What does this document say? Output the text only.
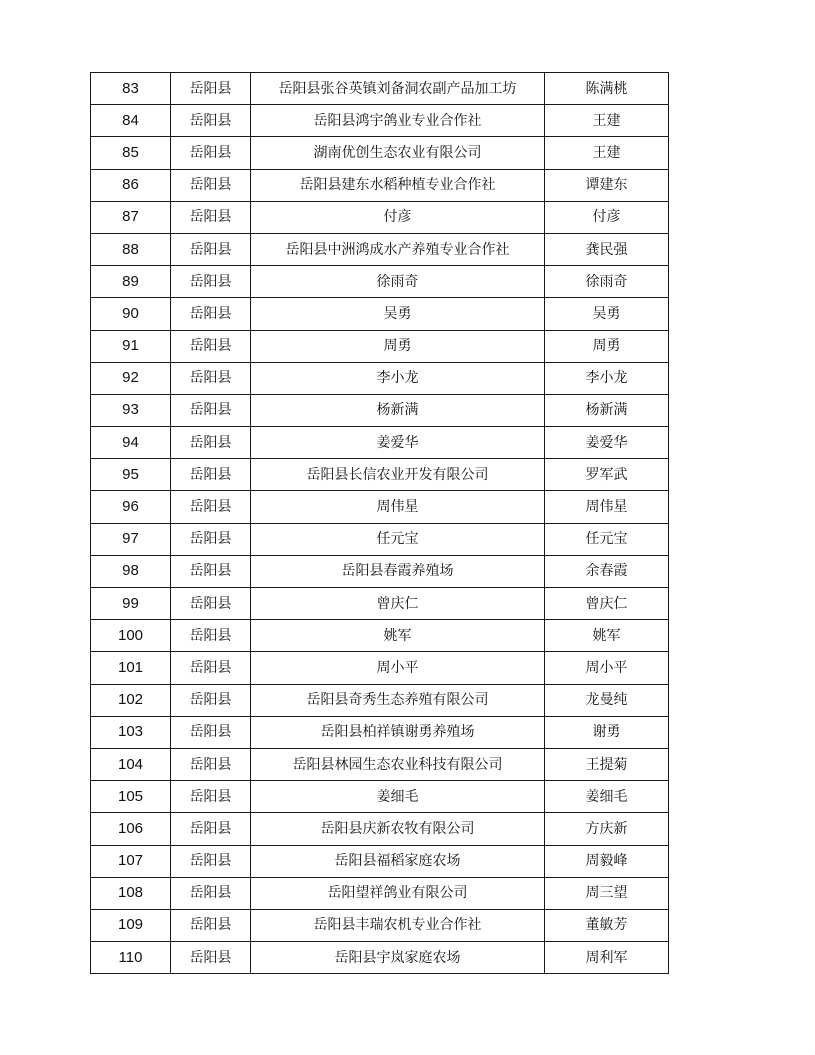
83	岳阳县	岳阳县张谷英镇刘备洞农副产品加工坊	陈满桃
84	岳阳县	岳阳县鸿宇鸽业专业合作社	王建
85	岳阳县	湖南优创生态农业有限公司	王建
86	岳阳县	岳阳县建东水稻种植专业合作社	谭建东
87	岳阳县	付彦	付彦
88	岳阳县	岳阳县中洲鸿成水产养殖专业合作社	龚民强
89	岳阳县	徐雨奇	徐雨奇
90	岳阳县	吴勇	吴勇
91	岳阳县	周勇	周勇
92	岳阳县	李小龙	李小龙
93	岳阳县	杨新满	杨新满
94	岳阳县	姜爱华	姜爱华
95	岳阳县	岳阳县长信农业开发有限公司	罗军武
96	岳阳县	周伟星	周伟星
97	岳阳县	任元宝	任元宝
98	岳阳县	岳阳县春霞养殖场	余春霞
99	岳阳县	曾庆仁	曾庆仁
100	岳阳县	姚军	姚军
101	岳阳县	周小平	周小平
102	岳阳县	岳阳县奇秀生态养殖有限公司	龙曼纯
103	岳阳县	岳阳县柏祥镇谢勇养殖场	谢勇
104	岳阳县	岳阳县林园生态农业科技有限公司	王提菊
105	岳阳县	姜细毛	姜细毛
106	岳阳县	岳阳县庆新农牧有限公司	方庆新
107	岳阳县	岳阳县福稻家庭农场	周毅峰
108	岳阳县	岳阳望祥鸽业有限公司	周三望
109	岳阳县	岳阳县丰瑞农机专业合作社	董敏芳
110	岳阳县	岳阳县宇岚家庭农场	周利军
